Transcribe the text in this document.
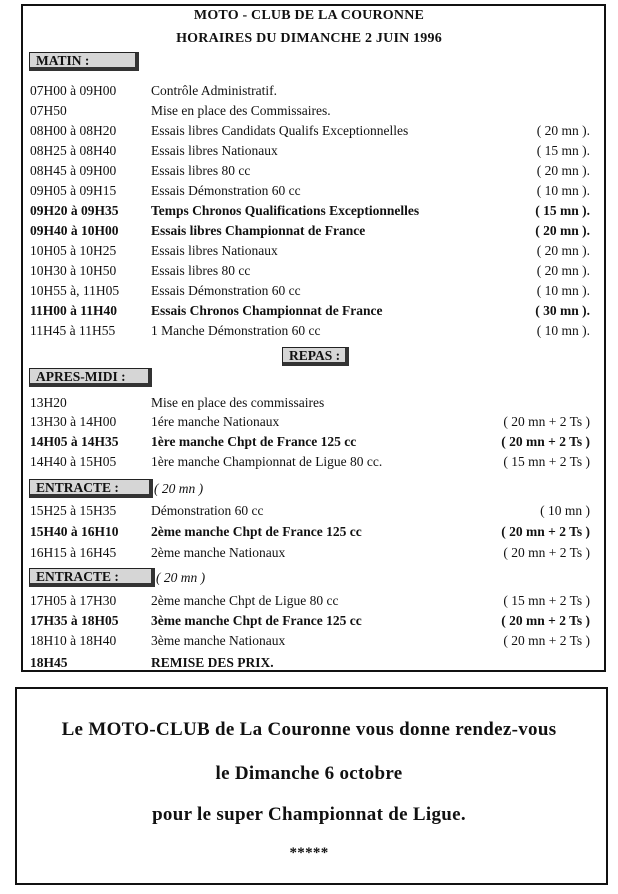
MOTO - CLUB DE LA COURONNE
HORAIRES DU DIMANCHE 2 JUIN 1996
MATIN :
07H00 à 09H00	Contrôle Administratif.
07H50	Mise en place des Commissaires.
08H00 à 08H20	Essais libres Candidats Qualifs Exceptionnelles	( 20 mn ).
08H25 à 08H40	Essais libres Nationaux	( 15 mn ).
08H45 à 09H00	Essais libres 80 cc	( 20 mn ).
09H05 à 09H15	Essais Démonstration 60 cc	( 10 mn ).
09H20 à 09H35 Temps Chronos Qualifications Exceptionnelles	( 15 mn ).
09H40 à 10H00 Essais libres Championnat de France	( 20 mn ).
10H05 à 10H25	Essais libres Nationaux	( 20 mn ).
10H30 à 10H50	Essais libres 80 cc	( 20 mn ).
10H55 à, 11H05 Essais Démonstration 60 cc	( 10 mn ).
11H00 à 11H40	Essais Chronos Championnat de France	( 30 mn ).
11H45 à 11H55	1 Manche Démonstration 60 cc	( 10 mn ).
REPAS :
APRES-MIDI :
13H20	Mise en place des commissaires
13H30 à 14H00	1ére manche Nationaux	( 20 mn + 2 Ts )
14H05 à 14H35 1ère manche Chpt de France 125 cc	( 20 mn + 2 Ts )
14H40 à 15H05	1ère manche Championnat de Ligue 80 cc.	( 15 mn + 2 Ts )
ENTRACTE :	( 20 mn )
15H25 à 15H35	Démonstration 60 cc	( 10 mn )
15H40 à 16H10 2ème manche Chpt de France 125 cc	( 20 mn + 2 Ts )
16H15 à 16H45	2ème manche Nationaux	( 20 mn + 2 Ts )
ENTRACTE :	( 20 mn )
17H05 à 17H30	2ème manche Chpt de Ligue 80 cc	( 15 mn + 2 Ts )
17H35 à 18H05 3ème manche Chpt de France 125 cc	( 20 mn + 2 Ts )
18H10 à 18H40	3ème manche Nationaux	( 20 mn + 2 Ts )
18H45	REMISE DES PRIX.
Le MOTO-CLUB de La Couronne vous donne rendez-vous
le Dimanche 6 octobre
pour le super Championnat de Ligue.
*****
